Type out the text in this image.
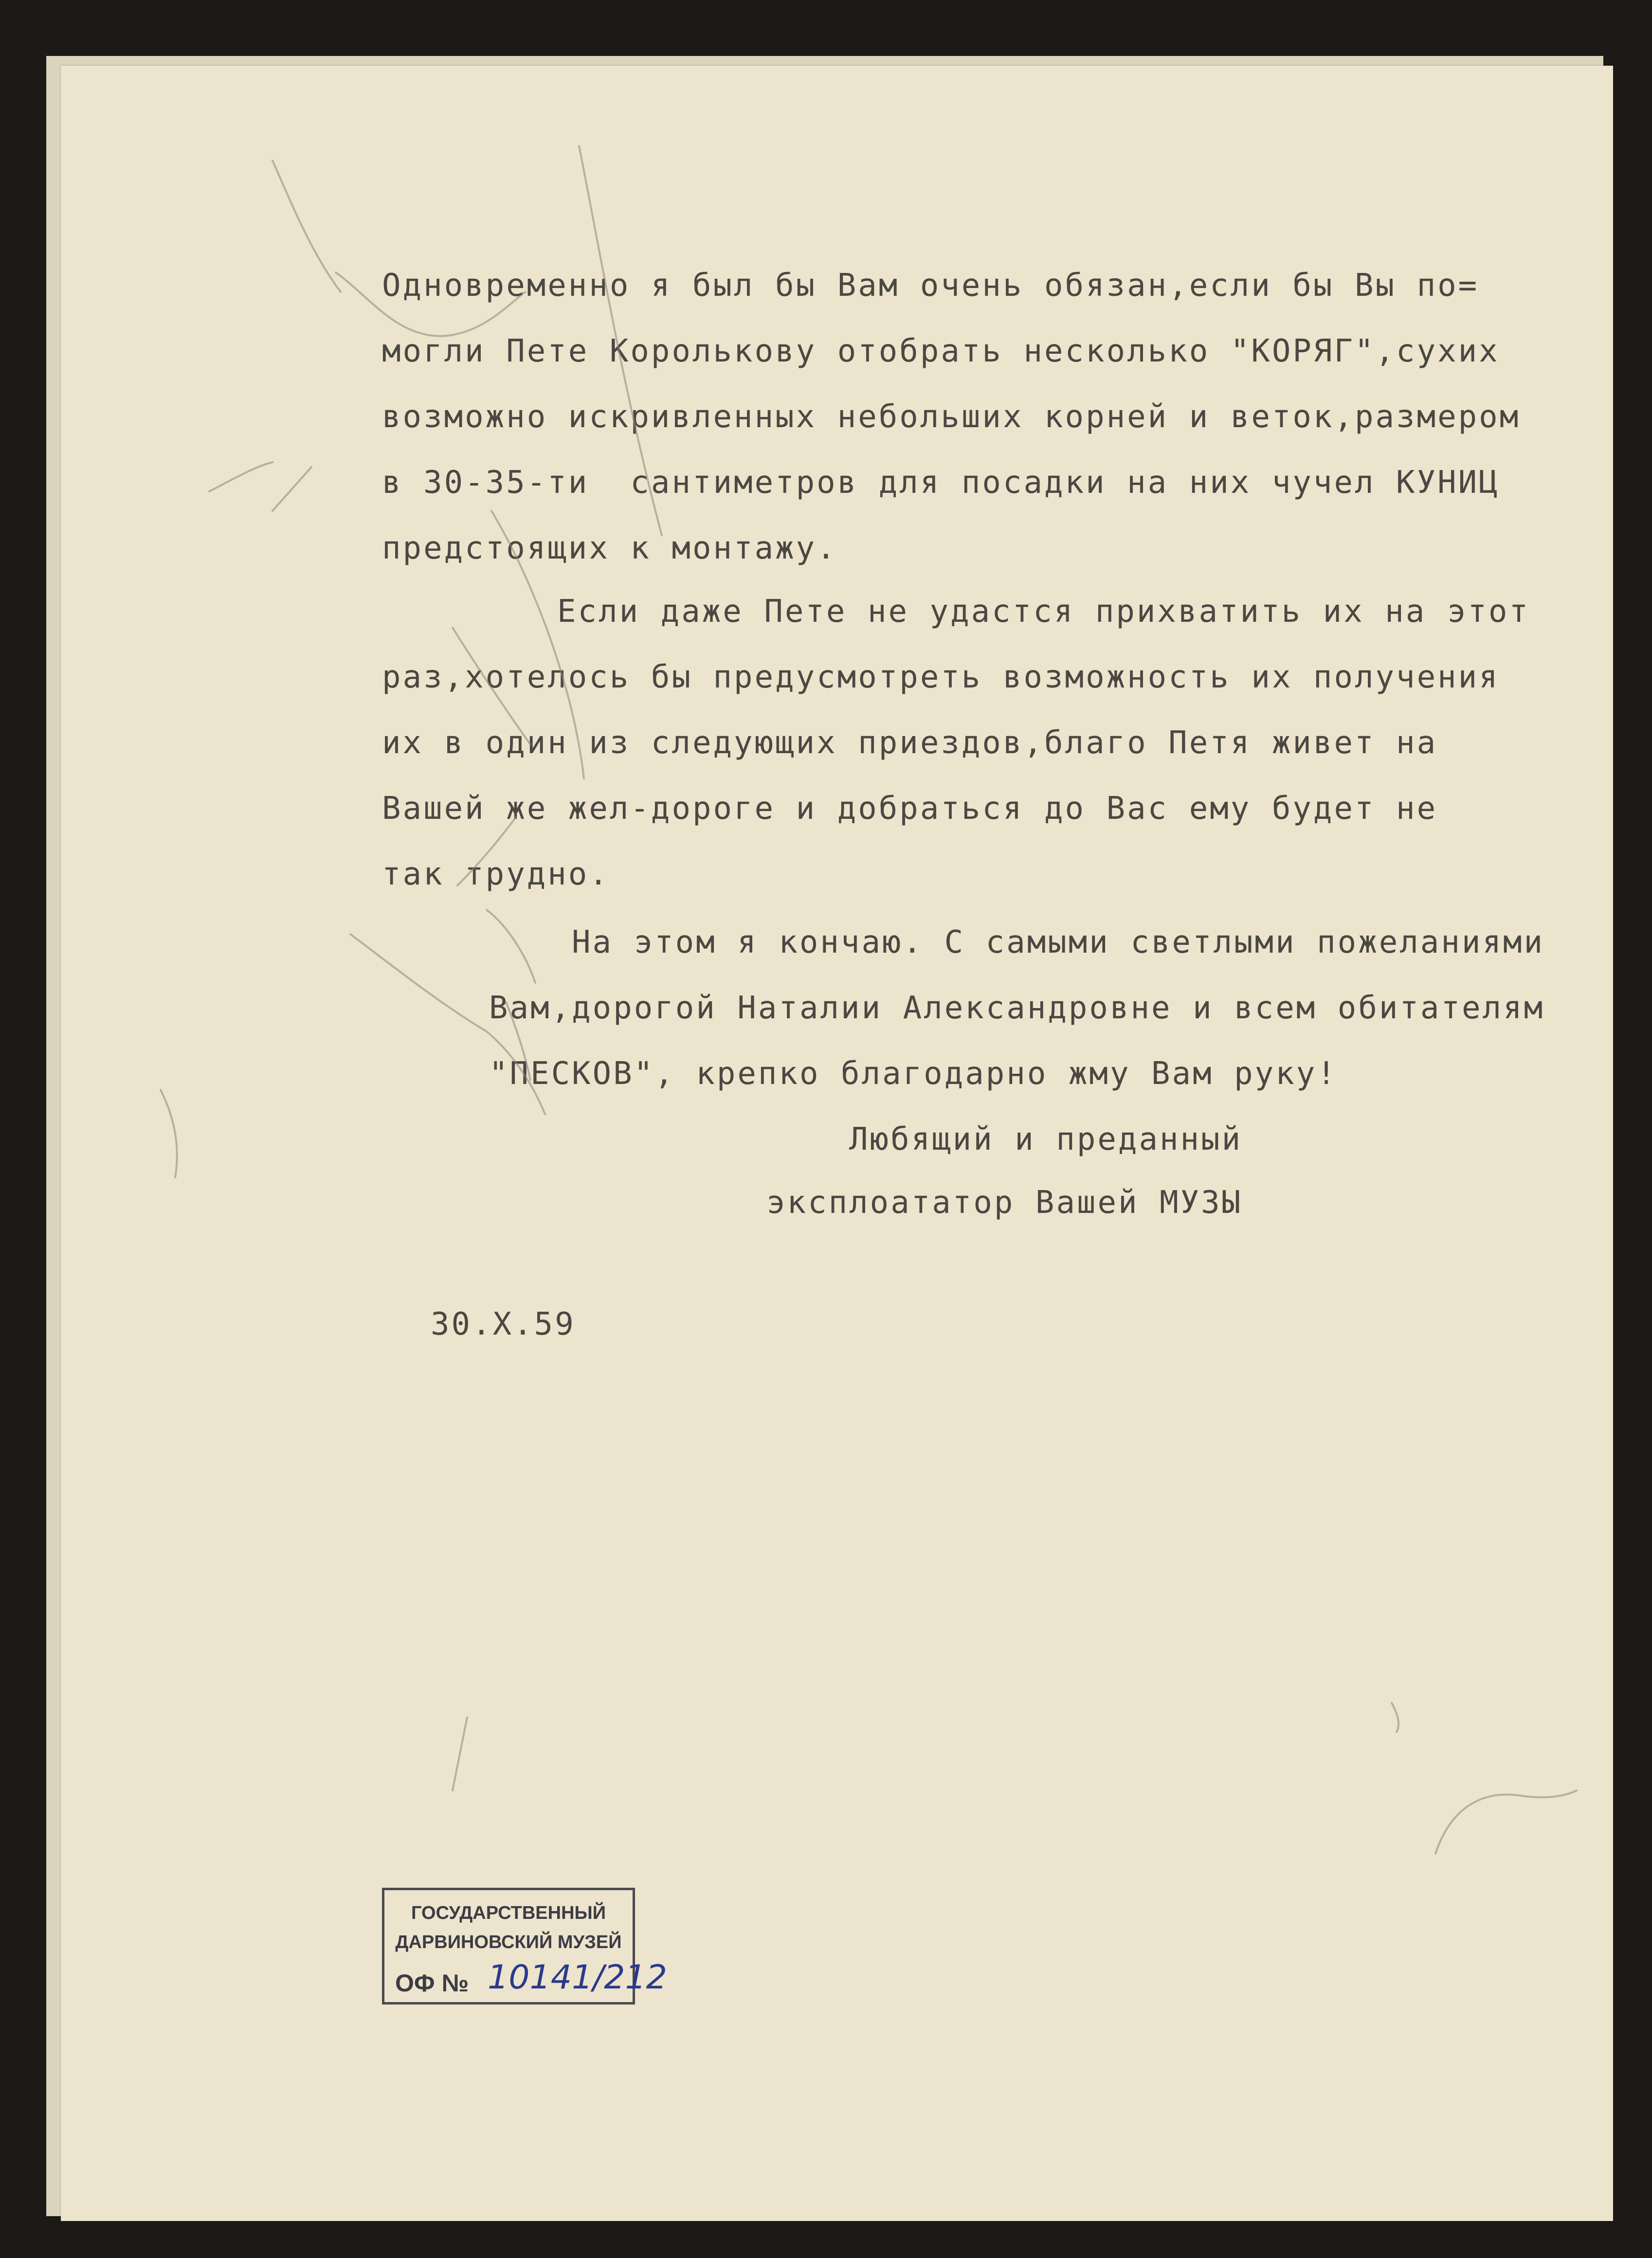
Одновременно я был бы Вам очень обязан,если бы Вы по=
могли Пете Королькову отобрать несколько "КОРЯГ",сухих
возможно искривленных небольших корней и веток,размером
в 30-35-ти  сантиметров для посадки на них чучел КУНИЦ
предстоящих к монтажу.
Если даже Пете не удастся прихватить их на этот
раз,хотелось бы предусмотреть возможность их получения
их в один из следующих приездов,благо Петя живет на
Вашей же жел-дороге и добраться до Вас ему будет не
так трудно.
На этом я кончаю. С самыми светлыми пожеланиями
Вам,дорогой Наталии Александровне и всем обитателям
"ПЕСКОВ", крепко благодарно жму Вам руку!
Любящий и преданный
эксплоататор Вашей МУЗЫ
30.X.59
ГОСУДАРСТВЕННЫЙ
ДАРВИНОВСКИЙ МУЗЕЙ
ОФ № 10141/212
